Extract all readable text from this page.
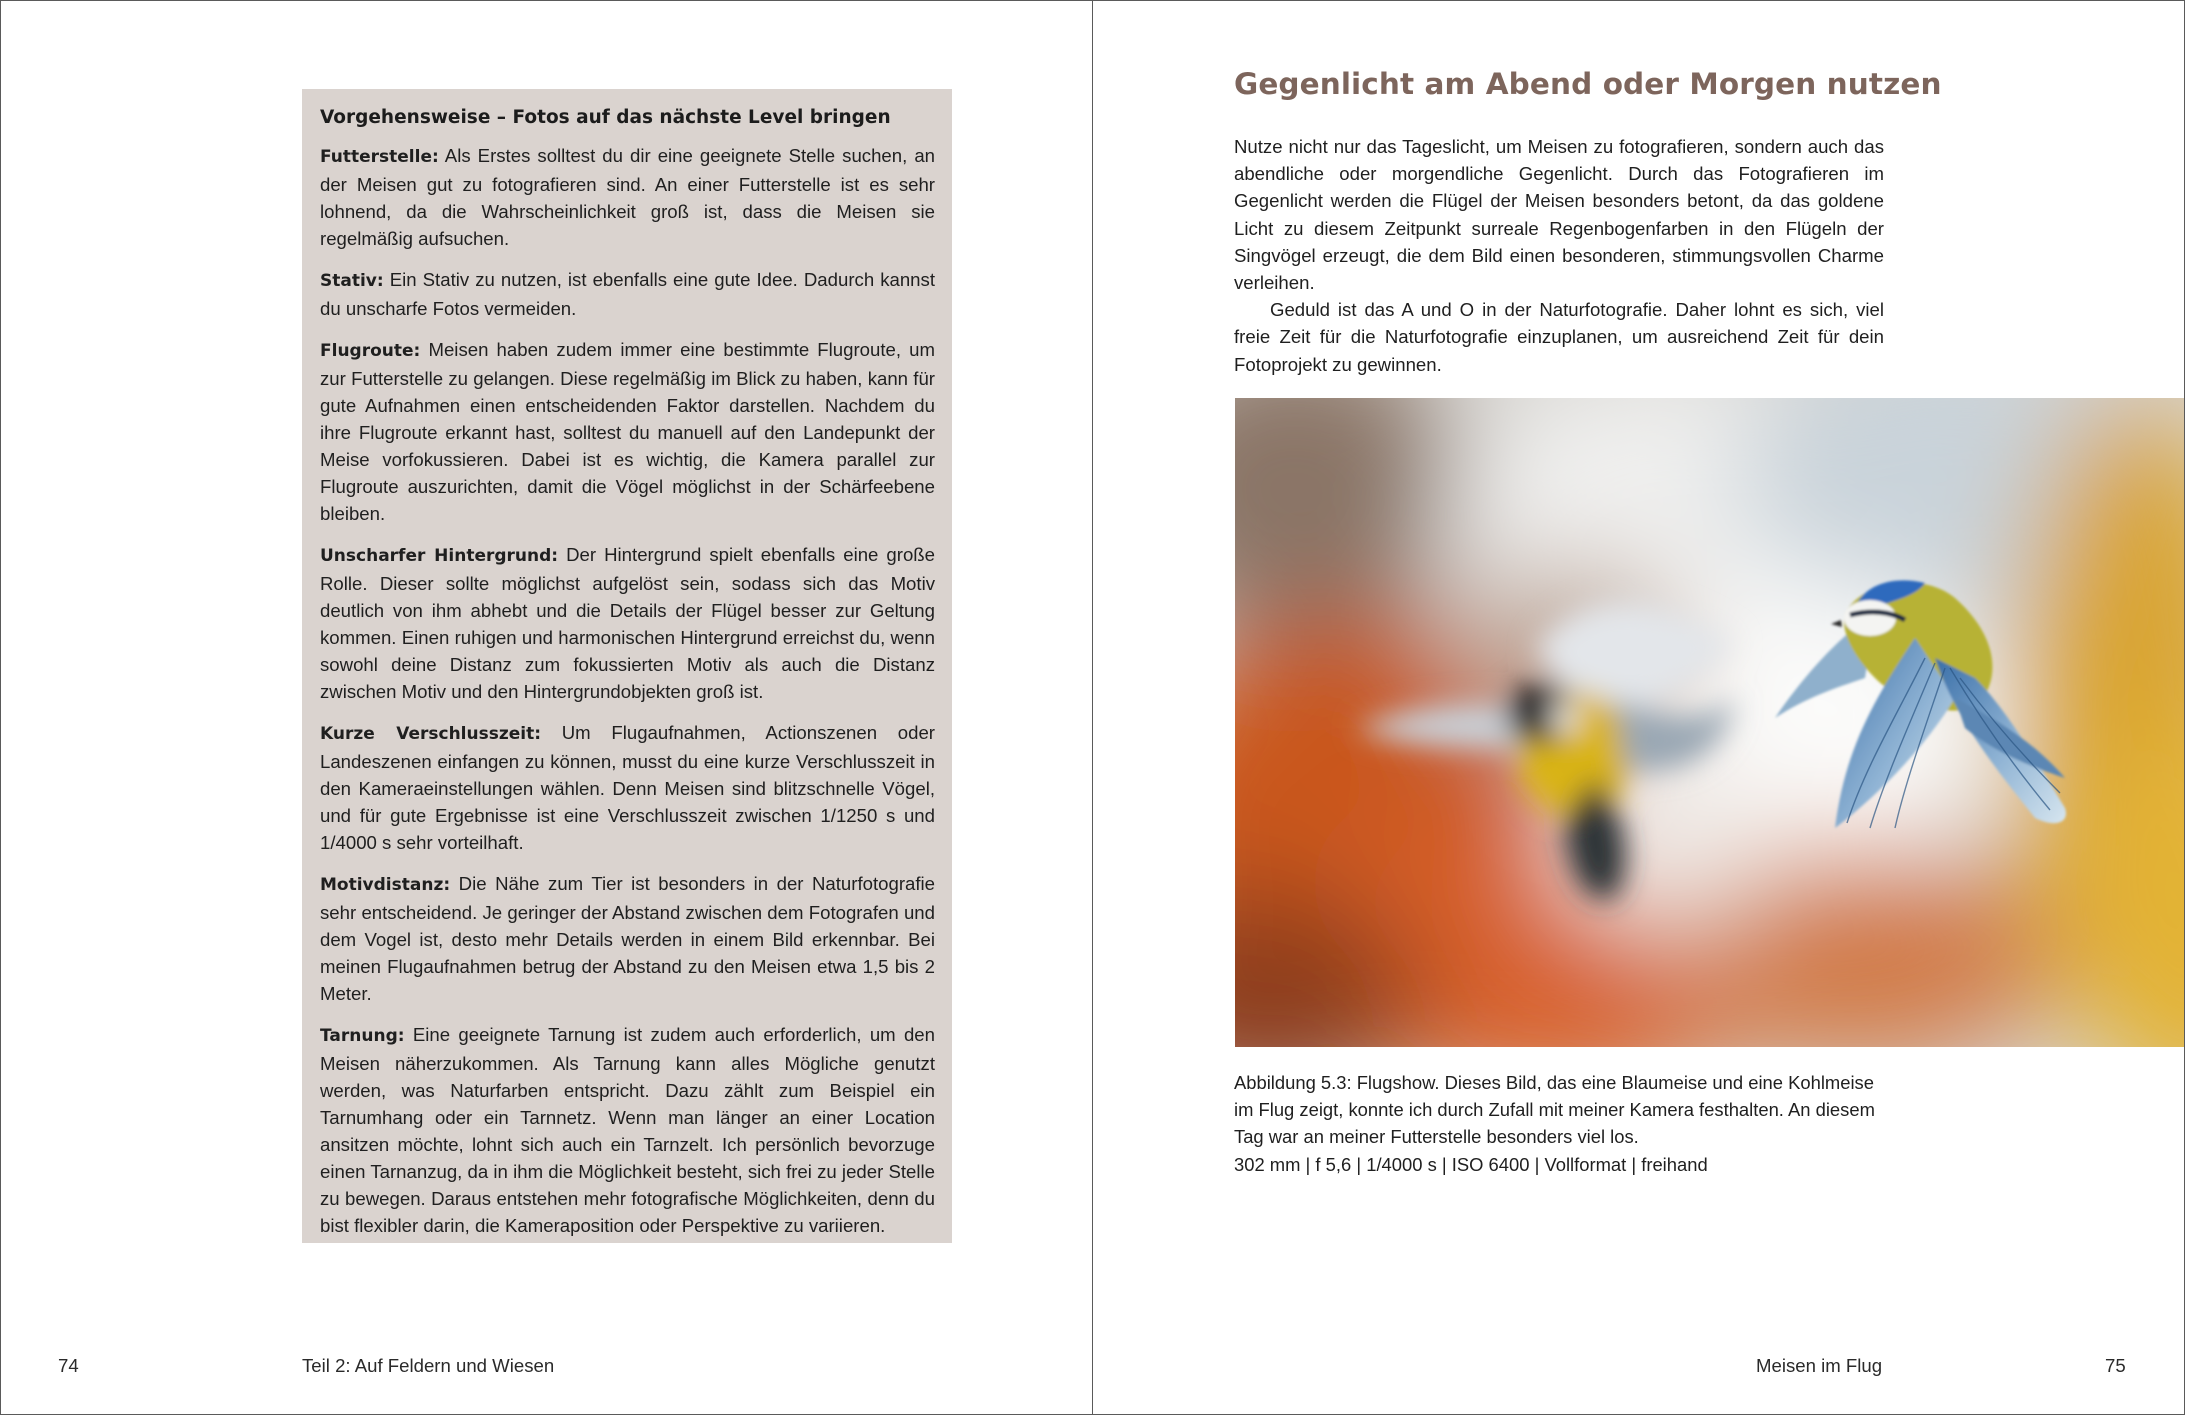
Vorgehensweise – Fotos auf das nächste Level bringen

Futterstelle: Als Erstes solltest du dir eine geeignete Stelle suchen, an der Meisen gut zu fotografieren sind. An einer Futterstelle ist es sehr lohnend, da die Wahrscheinlichkeit groß ist, dass die Meisen sie regelmäßig aufsuchen.

Stativ: Ein Stativ zu nutzen, ist ebenfalls eine gute Idee. Dadurch kannst du unscharfe Fotos vermeiden.

Flugroute: Meisen haben zudem immer eine bestimmte Flugroute, um zur Futterstelle zu gelangen. Diese regelmäßig im Blick zu haben, kann für gute Aufnahmen einen entscheidenden Faktor darstellen. Nachdem du ihre Flugroute erkannt hast, solltest du manuell auf den Landepunkt der Meise vorfokussieren. Dabei ist es wichtig, die Kamera parallel zur Flugroute auszurichten, damit die Vögel möglichst in der Schärfeebene bleiben.

Unscharfer Hintergrund: Der Hintergrund spielt ebenfalls eine große Rolle. Dieser sollte möglichst aufgelöst sein, sodass sich das Motiv deutlich von ihm abhebt und die Details der Flügel besser zur Geltung kommen. Einen ruhigen und harmonischen Hintergrund erreichst du, wenn sowohl deine Distanz zum fokussierten Motiv als auch die Distanz zwischen Motiv und den Hintergrundobjekten groß ist.

Kurze Verschlusszeit: Um Flugaufnahmen, Actionszenen oder Landeszenen einfangen zu können, musst du eine kurze Verschlusszeit in den Kameraeinstellungen wählen. Denn Meisen sind blitzschnelle Vögel, und für gute Ergebnisse ist eine Verschlusszeit zwischen 1/1250 s und 1/4000 s sehr vorteilhaft.

Motivdistanz: Die Nähe zum Tier ist besonders in der Naturfotografie sehr entscheidend. Je geringer der Abstand zwischen dem Fotografen und dem Vogel ist, desto mehr Details werden in einem Bild erkennbar. Bei meinen Flugaufnahmen betrug der Abstand zu den Meisen etwa 1,5 bis 2 Meter.

Tarnung: Eine geeignete Tarnung ist zudem auch erforderlich, um den Meisen näherzukommen. Als Tarnung kann alles Mögliche genutzt werden, was Naturfarben entspricht. Dazu zählt zum Beispiel ein Tarnumhang oder ein Tarnnetz. Wenn man länger an einer Location ansitzen möchte, lohnt sich auch ein Tarnzelt. Ich persönlich bevorzuge einen Tarnanzug, da in ihm die Möglichkeit besteht, sich frei zu jeder Stelle zu bewegen. Daraus entstehen mehr fotografische Möglichkeiten, denn du bist flexibler darin, die Kameraposition oder Perspektive zu variieren.

74	Teil 2: Auf Feldern und Wiesen
Gegenlicht am Abend oder Morgen nutzen

Nutze nicht nur das Tageslicht, um Meisen zu fotografieren, sondern auch das abendliche oder morgendliche Gegenlicht. Durch das Fotografieren im Gegenlicht werden die Flügel der Meisen besonders betont, da das goldene Licht zu diesem Zeitpunkt surreale Regenbogenfarben in den Flügeln der Singvögel erzeugt, die dem Bild einen besonderen, stimmungsvollen Charme verleihen.

Geduld ist das A und O in der Naturfotografie. Daher lohnt es sich, viel freie Zeit für die Naturfotografie einzuplanen, um ausreichend Zeit für dein Fotoprojekt zu gewinnen.

Abbildung 5.3: Flugshow. Dieses Bild, das eine Blaumeise und eine Kohlmeise im Flug zeigt, konnte ich durch Zufall mit meiner Kamera festhalten. An diesem Tag war an meiner Futterstelle besonders viel los.
302 mm | f 5,6 | 1/4000 s | ISO 6400 | Vollformat | freihand

Meisen im Flug	75
